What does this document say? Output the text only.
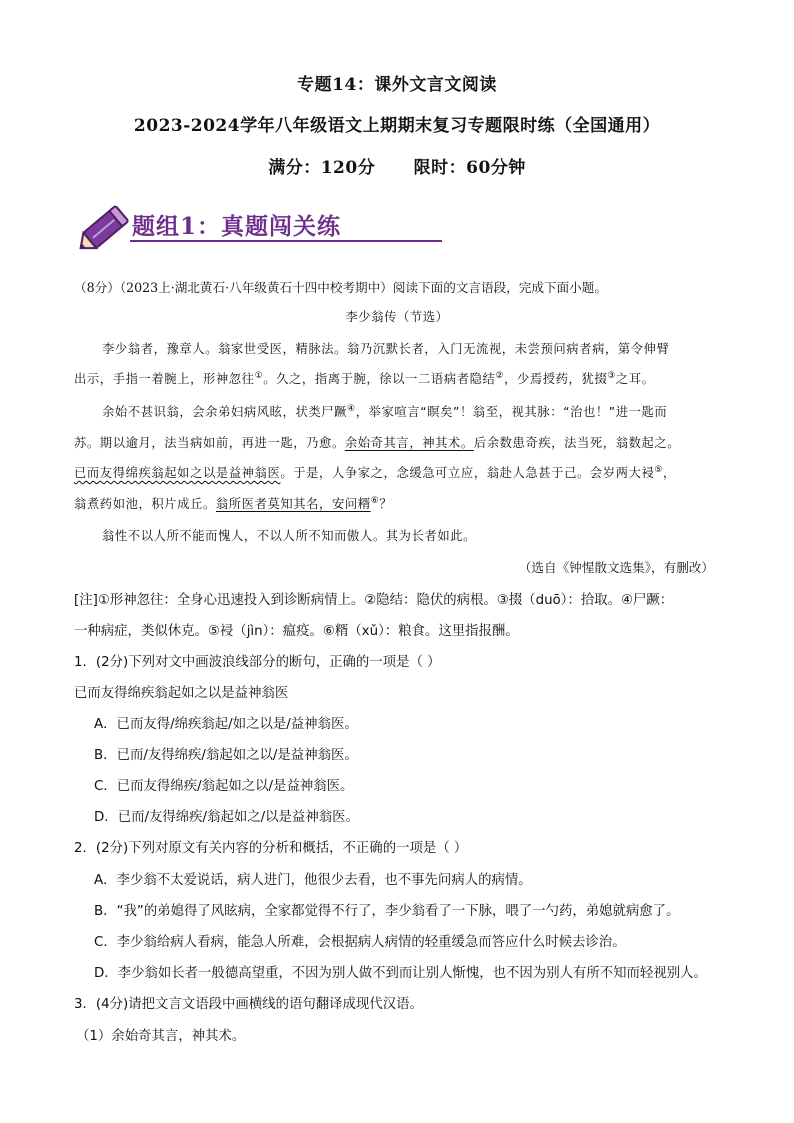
专题14：课外文言文阅读
2023-2024学年八年级语文上期期末复习专题限时练（全国通用）
满分：120分 限时：60分钟
题组1：真题闯关练
（8分）（2023上·湖北黄石·八年级黄石十四中校考期中）阅读下面的文言语段，完成下面小题。
李少翁传（节选）
李少翁者，豫章人。翁家世受医，精脉法。翁乃沉默长者，入门无流视，未尝预问病者病，第令伸臂
出示，手指一着腕上，形神忽往①。久之，指离于腕，徐以一二语病者隐结②，少焉授药，犹掇③之耳。
余始不甚识翁，会余弟妇病风眩，状类尸蹶④，举家喧言“瞑矣”！翁至，视其脉：“治也！”进一匙而
苏。期以逾月，法当病如前，再进一匙，乃愈。余始奇其言，神其术。后余数患奇疾，法当死，翁数起之。
已而友得绵疾翁起如之以是益神翁医。于是，人争家之，念缓急可立应，翁赴人急甚于己。会岁两大祲⑤，
翁煮药如池，积片成丘。翁所医者莫知其名，安问糈⑥？
翁性不以人所不能而愧人，不以人所不知而傲人。其为长者如此。
（选自《钟惺散文选集》，有删改）
[注]①形神忽往：全身心迅速投入到诊断病情上。②隐结：隐伏的病根。③掇（duō）：拾取。④尸蹶：
一种病症，类似休克。⑤祲（jìn）：瘟疫。⑥糈（xǔ）：粮食。这里指报酬。
1．(2分)下列对文中画波浪线部分的断句，正确的一项是（ ）
已而友得绵疾翁起如之以是益神翁医
A．已而友得/绵疾翁起/如之以是/益神翁医。
B．已而/友得绵疾/翁起如之以/是益神翁医。
C．已而友得绵疾/翁起如之以/是益神翁医。
D．已而/友得绵疾/翁起如之/以是益神翁医。
2．(2分)下列对原文有关内容的分析和概括，不正确的一项是（ ）
A．李少翁不太爱说话，病人进门，他很少去看，也不事先问病人的病情。
B．“我”的弟媳得了风眩病，全家都觉得不行了，李少翁看了一下脉，喂了一勺药，弟媳就病愈了。
C．李少翁给病人看病，能急人所难，会根据病人病情的轻重缓急而答应什么时候去诊治。
D．李少翁如长者一般德高望重，不因为别人做不到而让别人惭愧，也不因为别人有所不知而轻视别人。
3．(4分)请把文言文语段中画横线的语句翻译成现代汉语。
（1）余始奇其言，神其术。
